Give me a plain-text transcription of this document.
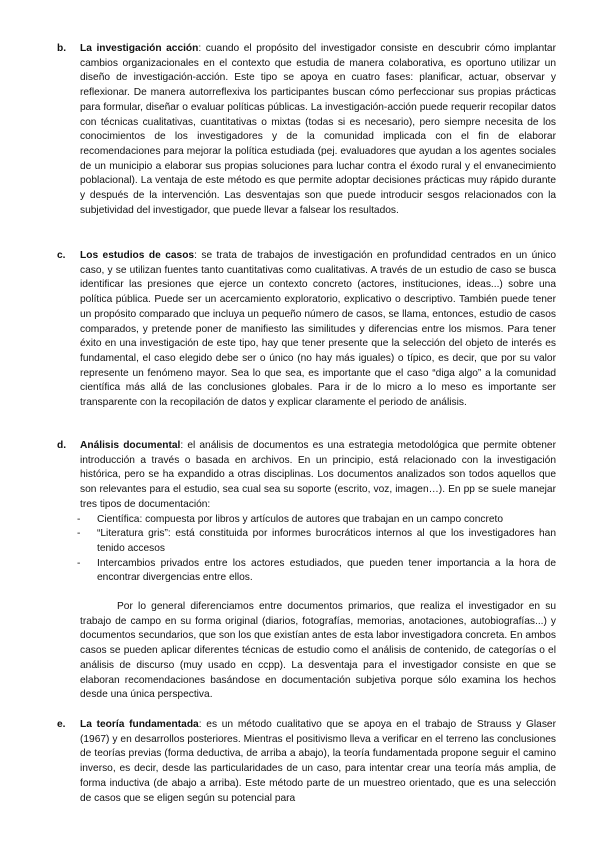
b. La investigación acción: cuando el propósito del investigador consiste en descubrir cómo implantar cambios organizacionales en el contexto que estudia de manera colaborativa, es oportuno utilizar un diseño de investigación-acción. Este tipo se apoya en cuatro fases: planificar, actuar, observar y reflexionar. De manera autorreflexiva los participantes buscan cómo perfeccionar sus propias prácticas para formular, diseñar o evaluar políticas públicas. La investigación-acción puede requerir recopilar datos con técnicas cualitativas, cuantitativas o mixtas (todas si es necesario), pero siempre necesita de los conocimientos de los investigadores y de la comunidad implicada con el fin de elaborar recomendaciones para mejorar la política estudiada (pej. evaluadores que ayudan a los agentes sociales de un municipio a elaborar sus propias soluciones para luchar contra el éxodo rural y el envanecimiento poblacional). La ventaja de este método es que permite adoptar decisiones prácticas muy rápido durante y después de la intervención. Las desventajas son que puede introducir sesgos relacionados con la subjetividad del investigador, que puede llevar a falsear los resultados.
c. Los estudios de casos: se trata de trabajos de investigación en profundidad centrados en un único caso, y se utilizan fuentes tanto cuantitativas como cualitativas. A través de un estudio de caso se busca identificar las presiones que ejerce un contexto concreto (actores, instituciones, ideas...) sobre una política pública. Puede ser un acercamiento exploratorio, explicativo o descriptivo. También puede tener un propósito comparado que incluya un pequeño número de casos, se llama, entonces, estudio de casos comparados, y pretende poner de manifiesto las similitudes y diferencias entre los mismos. Para tener éxito en una investigación de este tipo, hay que tener presente que la selección del objeto de interés es fundamental, el caso elegido debe ser o único (no hay más iguales) o típico, es decir, que por su valor represente un fenómeno mayor. Sea lo que sea, es importante que el caso “diga algo” a la comunidad científica más allá de las conclusiones globales. Para ir de lo micro a lo meso es importante ser transparente con la recopilación de datos y explicar claramente el periodo de análisis.
d. Análisis documental: el análisis de documentos es una estrategia metodológica que permite obtener introducción a través o basada en archivos. En un principio, está relacionado con la investigación histórica, pero se ha expandido a otras disciplinas. Los documentos analizados son todos aquellos que son relevantes para el estudio, sea cual sea su soporte (escrito, voz, imagen…). En pp se suele manejar tres tipos de documentación:
- Científica: compuesta por libros y artículos de autores que trabajan en un campo concreto
- “Literatura gris”: está constituida por informes burocráticos internos al que los investigadores han tenido accesos
- Intercambios privados entre los actores estudiados, que pueden tener importancia a la hora de encontrar divergencias entre ellos.
Por lo general diferenciamos entre documentos primarios, que realiza el investigador en su trabajo de campo en su forma original (diarios, fotografías, memorias, anotaciones, autobiografías...) y documentos secundarios, que son los que existían antes de esta labor investigadora concreta. En ambos casos se pueden aplicar diferentes técnicas de estudio como el análisis de contenido, de categorías o el análisis de discurso (muy usado en ccpp). La desventaja para el investigador consiste en que se elaboran recomendaciones basándose en documentación subjetiva porque sólo examina los hechos desde una única perspectiva.
e. La teoría fundamentada: es un método cualitativo que se apoya en el trabajo de Strauss y Glaser (1967) y en desarrollos posteriores. Mientras el positivismo lleva a verificar en el terreno las conclusiones de teorías previas (forma deductiva, de arriba a abajo), la teoría fundamentada propone seguir el camino inverso, es decir, desde las particularidades de un caso, para intentar crear una teoría más amplia, de forma inductiva (de abajo a arriba). Este método parte de un muestreo orientado, que es una selección de casos que se eligen según su potencial para
